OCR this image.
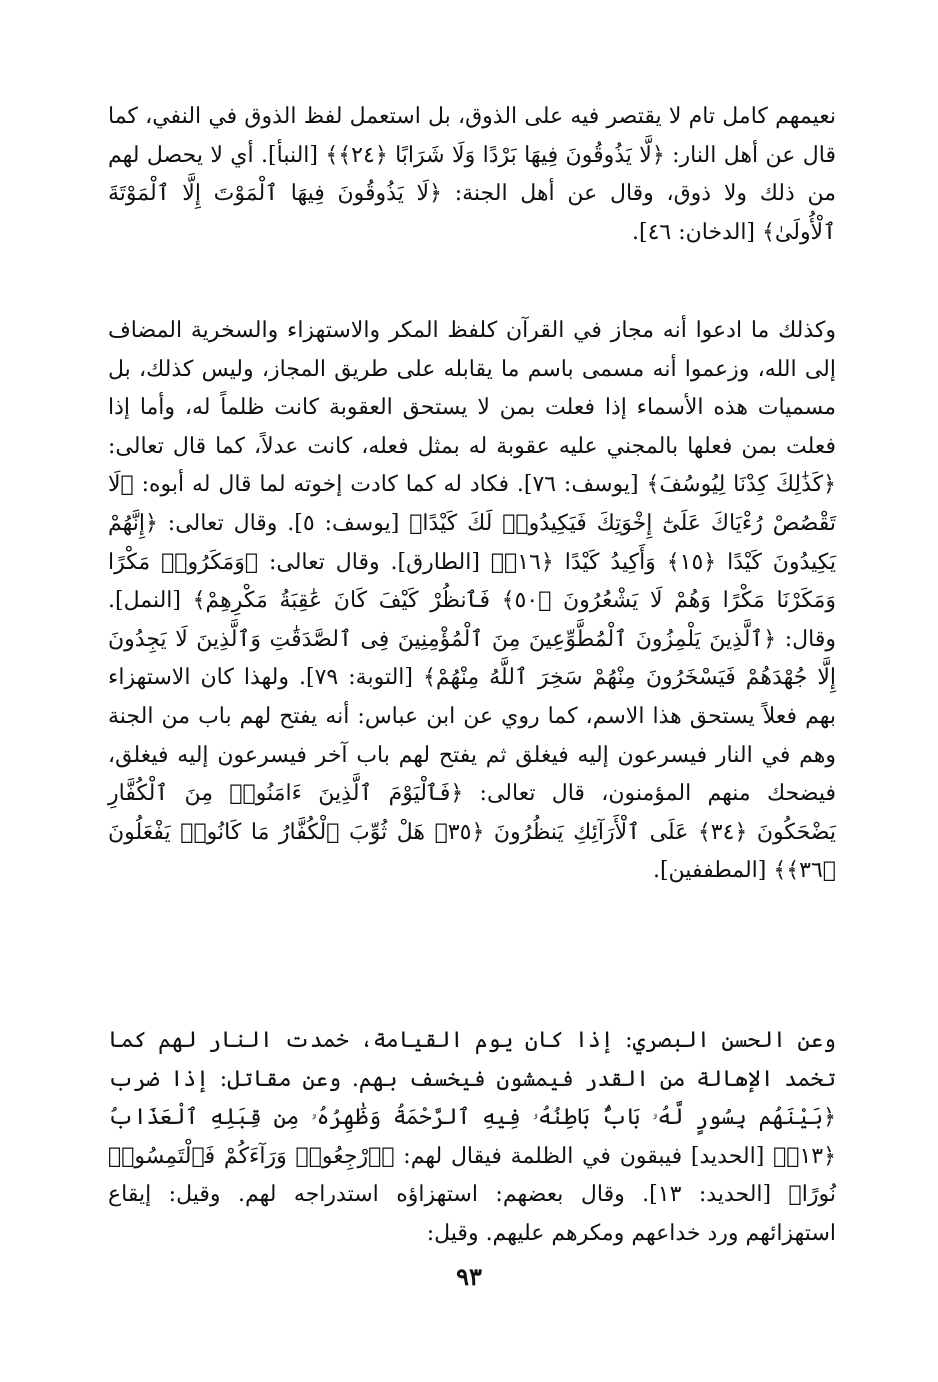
نعيمهم كامل تام لا يقتصر فيه على الذوق، بل استعمل لفظ الذوق في النفي، كما قال عن أهل النار: ﴿لَّا يَذُوقُونَ فِيهَا بَرْدًا وَلَا شَرَابًا ﴿٢٤﴾﴾ [النبأ]. أي لا يحصل لهم من ذلك ولا ذوق، وقال عن أهل الجنة: ﴿لَا يَذُوقُونَ فِيهَا ٱلْمَوْتَ إِلَّا ٱلْمَوْتَةَ ٱلْأُولَىٰ﴾ [الدخان: ٤٦].

وكذلك ما ادعوا أنه مجاز في القرآن كلفظ المكر والاستهزاء والسخرية المضاف إلى الله، وزعموا أنه مسمى باسم ما يقابله على طريق المجاز، وليس كذلك، بل مسميات هذه الأسماء إذا فعلت بمن لا يستحق العقوبة كانت ظلماً له، وأما إذا فعلت بمن فعلها بالمجني عليه عقوبة له بمثل فعله، كانت عدلاً، كما قال تعالى: ﴿كَذَٰلِكَ كِدْنَا لِيُوسُفَ﴾ [يوسف: ٧٦]. فكاد له كما كادت إخوته لما قال له أبوه: ﴿لَا تَقْصُصْ رُءْيَاكَ عَلَىٰٓ إِخْوَتِكَ فَيَكِيدُوا۟ لَكَ كَيْدًا﴾ [يوسف: ٥]. وقال تعالى: ﴿إِنَّهُمْ يَكِيدُونَ كَيْدًا ﴿١٥﴾ وَأَكِيدُ كَيْدًا ﴿١٦﴾﴾ [الطارق]. وقال تعالى: ﴿وَمَكَرُوا۟ مَكْرًا وَمَكَرْنَا مَكْرًا وَهُمْ لَا يَشْعُرُونَ ﴿٥٠﴾ فَٱنظُرْ كَيْفَ كَانَ عَٰقِبَةُ مَكْرِهِمْ﴾ [النمل]. وقال: ﴿ٱلَّذِينَ يَلْمِزُونَ ٱلْمُطَّوِّعِينَ مِنَ ٱلْمُؤْمِنِينَ فِى ٱلصَّدَقَٰتِ وَٱلَّذِينَ لَا يَجِدُونَ إِلَّا جُهْدَهُمْ فَيَسْخَرُونَ مِنْهُمْ سَخِرَ ٱللَّهُ مِنْهُمْ﴾ [التوبة: ٧٩]. ولهذا كان الاستهزاء بهم فعلاً يستحق هذا الاسم، كما روي عن ابن عباس: أنه يفتح لهم باب من الجنة وهم في النار فيسرعون إليه فيغلق ثم يفتح لهم باب آخر فيسرعون إليه فيغلق، فيضحك منهم المؤمنون، قال تعالى: ﴿فَٱلْيَوْمَ ٱلَّذِينَ ءَامَنُوا۟ مِنَ ٱلْكُفَّارِ يَضْحَكُونَ ﴿٣٤﴾ عَلَى ٱلْأَرَآئِكِ يَنظُرُونَ ﴿٣٥﴾ هَلْ ثُوِّبَ ٱلْكُفَّارُ مَا كَانُوا۟ يَفْعَلُونَ ﴿٣٦﴾﴾ [المطففين].

وعن الحسن البصري: إذا كان يوم القيامة، خمدت النار لهم كما تخمد الإهالة من القدر فيمشون فيخسف بهم. وعن مقاتل: إذا ضرب ﴿بَيْنَهُم بِسُورٍ لَّهُۥ بَابٌۢ بَاطِنُهُۥ فِيهِ ٱلرَّحْمَةُ وَظَٰهِرُهُۥ مِن قِبَلِهِ ٱلْعَذَابُ ﴿١٣﴾﴾ [الحديد] فيبقون في الظلمة فيقال لهم: ﴿ٱرْجِعُوا۟ وَرَآءَكُمْ فَٱلْتَمِسُوا۟ نُورًا﴾ [الحديد: ١٣]. وقال بعضهم: استهزاؤه استدراجه لهم. وقيل: إيقاع استهزائهم ورد خداعهم ومكرهم عليهم. وقيل:

٩٣
